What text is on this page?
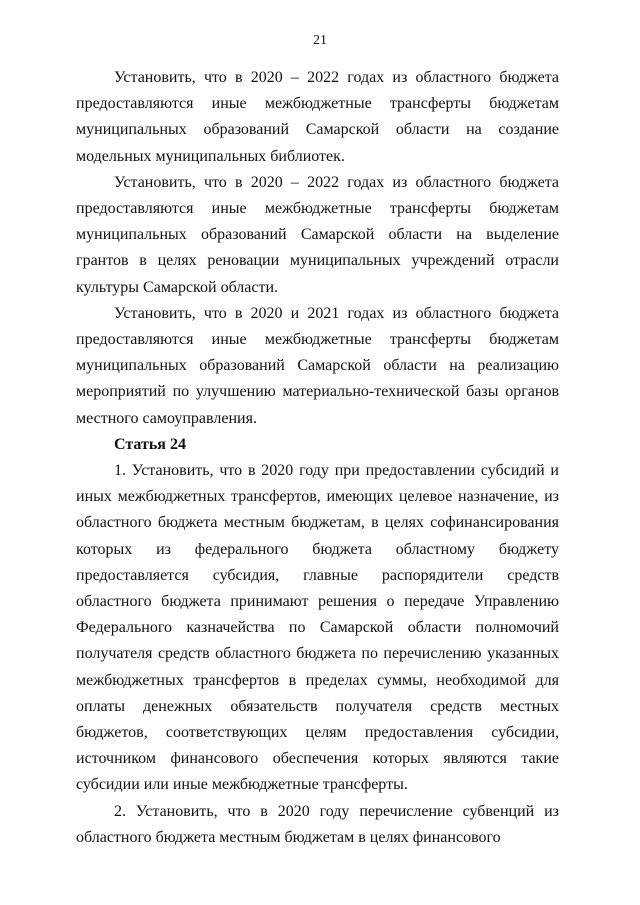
21

Установить, что в 2020 – 2022 годах из областного бюджета предоставляются иные межбюджетные трансферты бюджетам муниципальных образований Самарской области на создание модельных муниципальных библиотек.

Установить, что в 2020 – 2022 годах из областного бюджета предоставляются иные межбюджетные трансферты бюджетам муниципальных образований Самарской области на выделение грантов в целях реновации муниципальных учреждений отрасли культуры Самарской области.

Установить, что в 2020 и 2021 годах из областного бюджета предоставляются иные межбюджетные трансферты бюджетам муниципальных образований Самарской области на реализацию мероприятий по улучшению материально-технической базы органов местного самоуправления.

Статья 24

1. Установить, что в 2020 году при предоставлении субсидий и иных межбюджетных трансфертов, имеющих целевое назначение, из областного бюджета местным бюджетам, в целях софинансирования которых из федерального бюджета областному бюджету предоставляется субсидия, главные распорядители средств областного бюджета принимают решения о передаче Управлению Федерального казначейства по Самарской области полномочий получателя средств областного бюджета по перечислению указанных межбюджетных трансфертов в пределах суммы, необходимой для оплаты денежных обязательств получателя средств местных бюджетов, соответствующих целям предоставления субсидии, источником финансового обеспечения которых являются такие субсидии или иные межбюджетные трансферты.

2. Установить, что в 2020 году перечисление субвенций из областного бюджета местным бюджетам в целях финансового
